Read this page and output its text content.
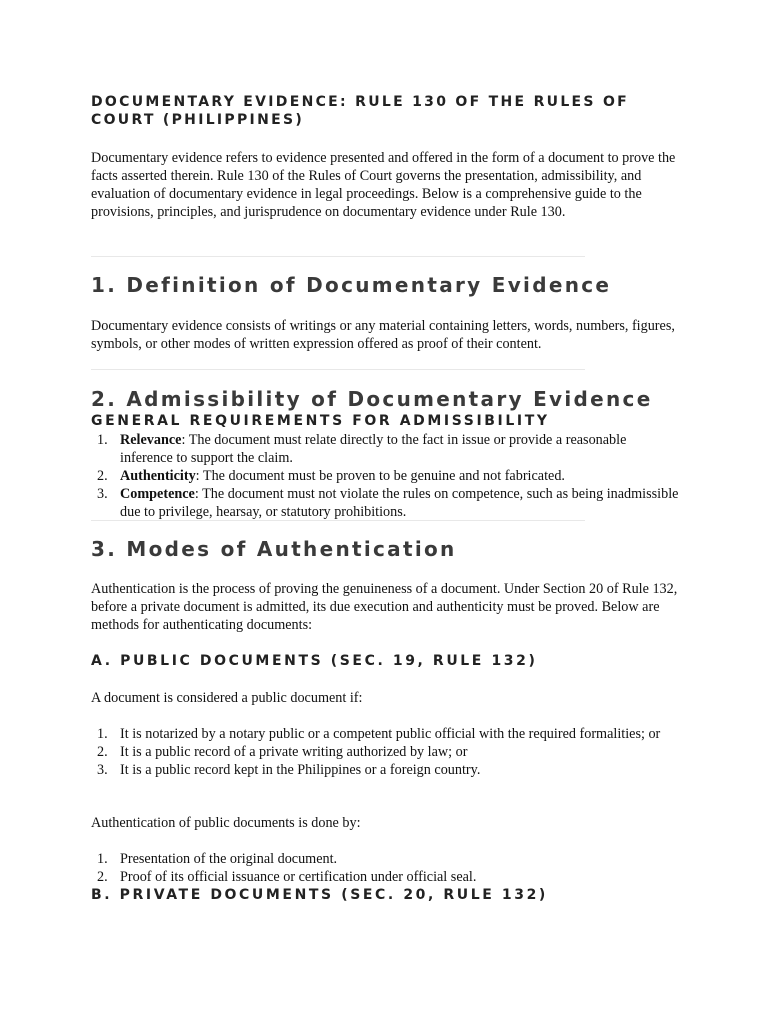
DOCUMENTARY EVIDENCE: RULE 130 OF THE RULES OF COURT (PHILIPPINES)

Documentary evidence refers to evidence presented and offered in the form of a document to prove the facts asserted therein. Rule 130 of the Rules of Court governs the presentation, admissibility, and evaluation of documentary evidence in legal proceedings. Below is a comprehensive guide to the provisions, principles, and jurisprudence on documentary evidence under Rule 130.

1. Definition of Documentary Evidence

Documentary evidence consists of writings or any material containing letters, words, numbers, figures, symbols, or other modes of written expression offered as proof of their content.

2. Admissibility of Documentary Evidence
GENERAL REQUIREMENTS FOR ADMISSIBILITY
1. Relevance: The document must relate directly to the fact in issue or provide a reasonable inference to support the claim.
2. Authenticity: The document must be proven to be genuine and not fabricated.
3. Competence: The document must not violate the rules on competence, such as being inadmissible due to privilege, hearsay, or statutory prohibitions.
3. Modes of Authentication

Authentication is the process of proving the genuineness of a document. Under Section 20 of Rule 132, before a private document is admitted, its due execution and authenticity must be proved. Below are methods for authenticating documents:

A. PUBLIC DOCUMENTS (SEC. 19, RULE 132)

A document is considered a public document if:

1. It is notarized by a notary public or a competent public official with the required formalities; or
2. It is a public record of a private writing authorized by law; or
3. It is a public record kept in the Philippines or a foreign country.

Authentication of public documents is done by:

1. Presentation of the original document.
2. Proof of its official issuance or certification under official seal.
B. PRIVATE DOCUMENTS (SEC. 20, RULE 132)
